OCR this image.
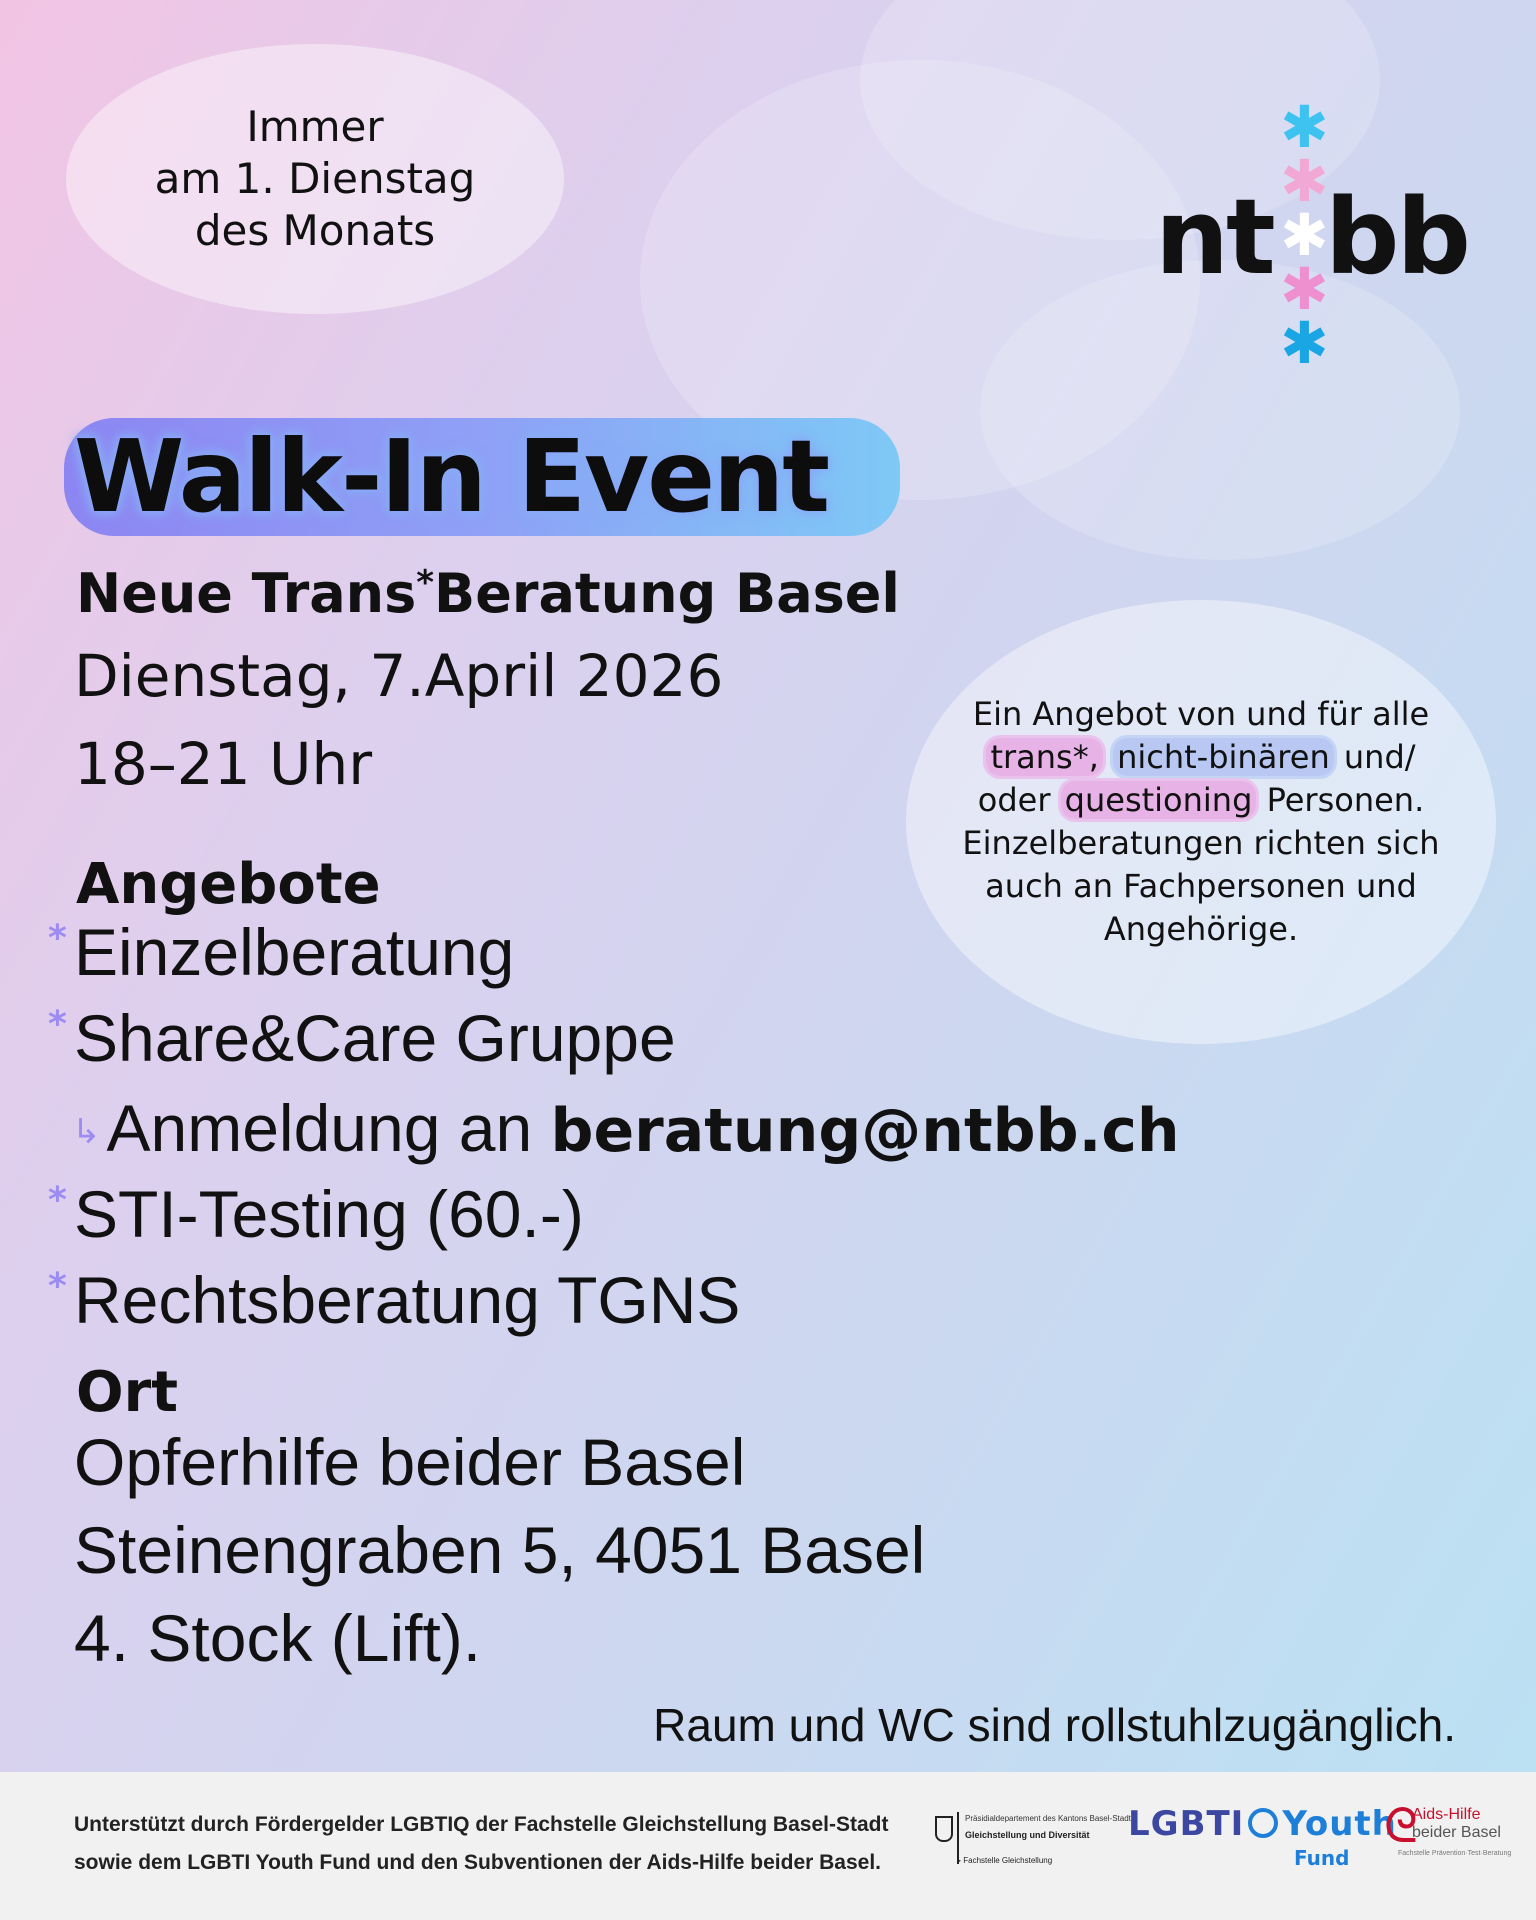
Immer
am 1. Dienstag
des Monats
✱
✱
✱
✱
✱
nt bb
Walk-In Event
Neue Trans*Beratung Basel
Dienstag, 7.April 2026
18–21 Uhr
Ein Angebot von und für alle
trans*, nicht-binären und/
oder questioning Personen.
Einzelberatungen richten sich
auch an Fachpersonen und
Angehörige.
Angebote
* Einzelberatung
* Share&Care Gruppe
↳Anmeldung an beratung@ntbb.ch
* STI-Testing (60.-)
* Rechtsberatung TGNS
Ort
Opferhilfe beider Basel
Steinengraben 5, 4051 Basel
4. Stock (Lift).
Raum und WC sind rollstuhlzugänglich.
Unterstützt durch Fördergelder LGBTIQ der Fachstelle Gleichstellung Basel-Stadt
sowie dem LGBTI Youth Fund und den Subventionen der Aids-Hilfe beider Basel.
Präsidialdepartement des Kantons Basel-Stadt
Gleichstellung und Diversität
▸ Fachstelle Gleichstellung
LGBTI Youth
Fund
ᘓ
Aids-Hilfe
beider Basel
Fachstelle Prävention·Test·Beratung
